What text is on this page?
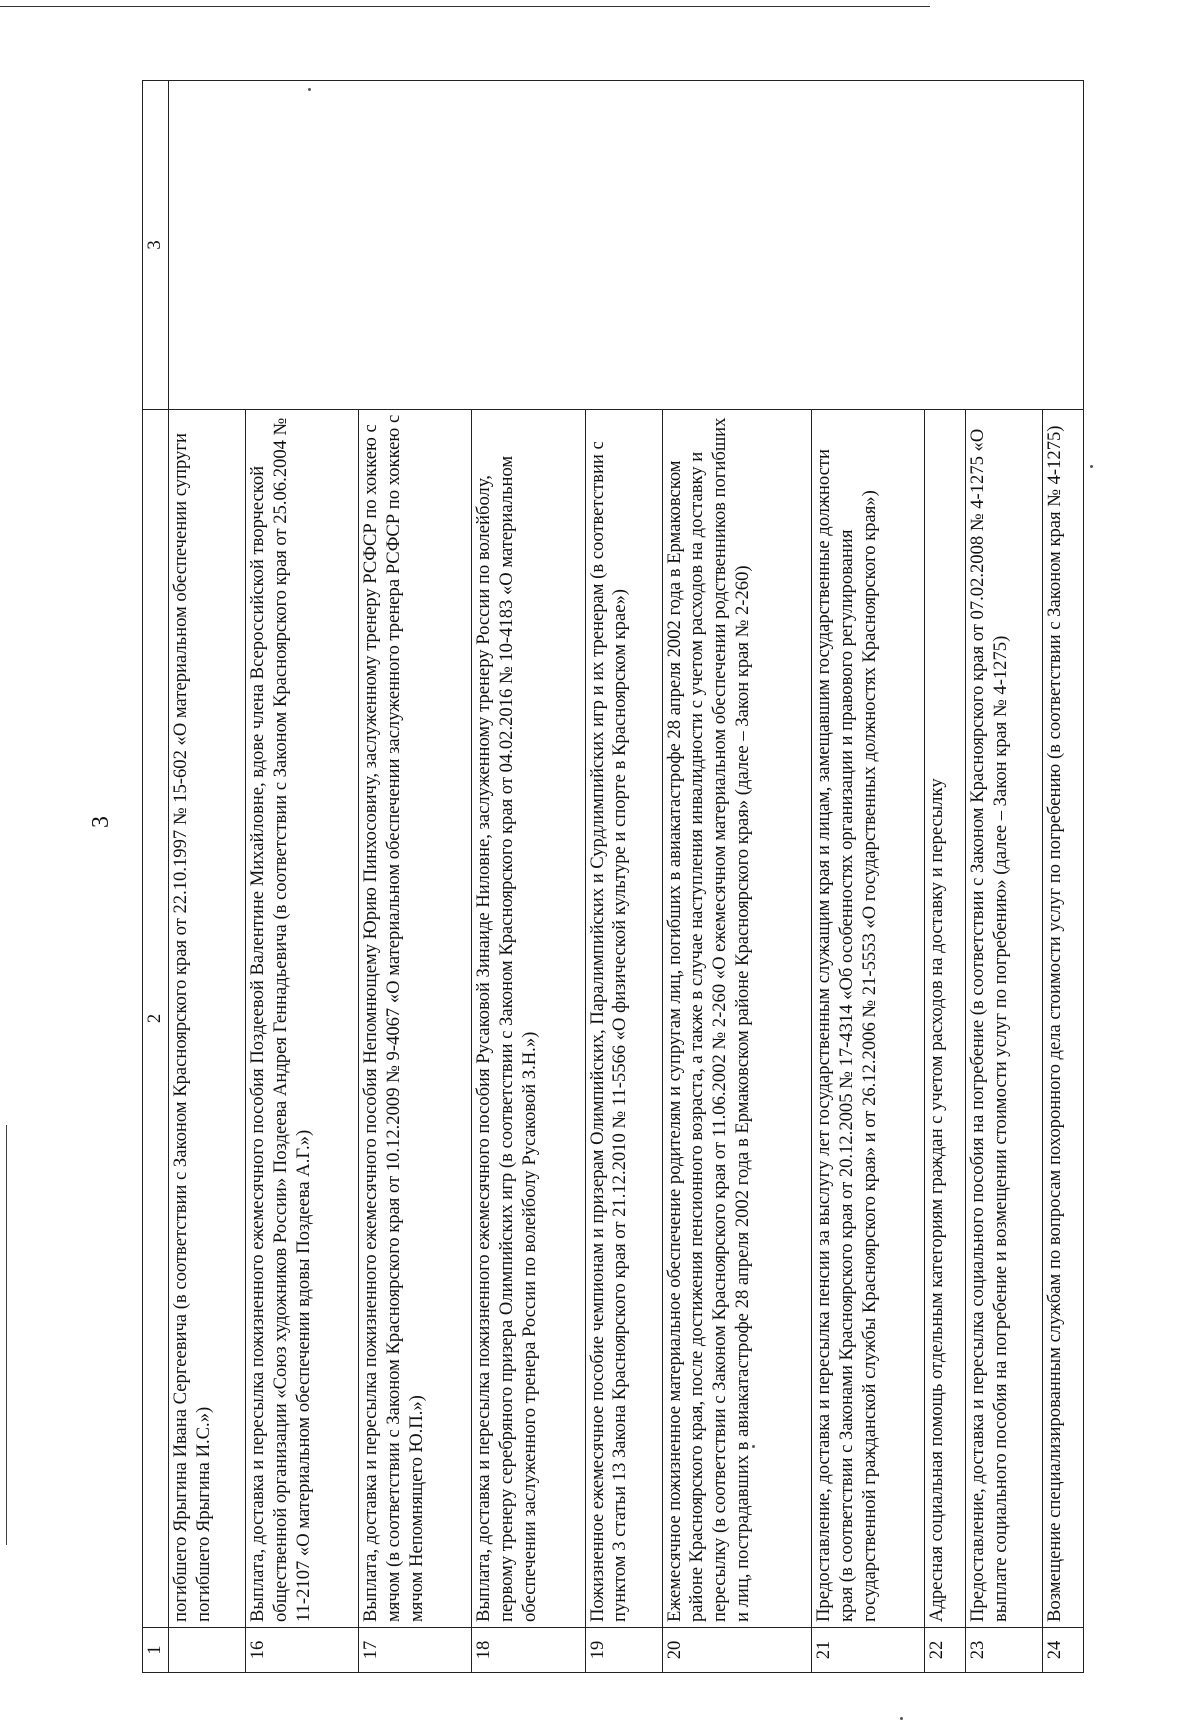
3
1	2	3
	погибшего Ярыгина Ивана Сергеевича (в соответствии с Законом Красноярского края от 22.10.1997 № 15-602 «О материальном обеспечении супруги погибшего Ярыгина И.С.»)	
16	Выплата, доставка и пересылка пожизненного ежемесячного пособия Поздеевой Валентине Михайловне, вдове члена Всероссийской творческой общественной организации «Союз художников России» Поздеева Андрея Геннадьевича (в соответствии с Законом Красноярского края от 25.06.2004 № 11-2107 «О материальном обеспечении вдовы Поздеева А.Г.»)	
17	Выплата, доставка и пересылка пожизненного ежемесячного пособия Непомнющему Юрию Пинхосовичу, заслуженному тренеру РСФСР по хоккею с мячом (в соответствии с Законом Красноярского края от 10.12.2009 № 9-4067 «О материальном обеспечении заслуженного тренера РСФСР по хоккею с мячом Непомнящего Ю.П.»)	
18	Выплата, доставка и пересылка пожизненного ежемесячного пособия Русаковой Зинаиде Ниловне, заслуженному тренеру России по волейболу, первому тренеру серебряного призера Олимпийских игр (в соответствии с Законом Красноярского края от 04.02.2016 № 10-4183 «О материальном обеспечении заслуженного тренера России по волейболу Русаковой З.Н.»)	
19	Пожизненное ежемесячное пособие чемпионам и призерам Олимпийских, Паралимпийских и Сурдлимпийских игр и их тренерам (в соответствии с пунктом 3 статьи 13 Закона Красноярского края от 21.12.2010 № 11-5566 «О физической культуре и спорте в Красноярском крае»)	
20	Ежемесячное пожизненное материальное обеспечение родителям и супругам лиц, погибших в авиакатастрофе 28 апреля 2002 года в Ермаковском районе Красноярского края, после достижения пенсионного возраста, а также в случае наступления инвалидности с учетом расходов на доставку и пересылку (в соответствии с Законом Красноярского края от 11.06.2002 № 2-260 «О ежемесячном материальном обеспечении родственников погибших и лиц, пострадавших в авиакатастрофе 28 апреля 2002 года в Ермаковском районе Красноярского края» (далее – Закон края № 2-260)	
21	Предоставление, доставка и пересылка пенсии за выслугу лет государственным служащим края и лицам, замещавшим государственные должности края (в соответствии с Законами Красноярского края от 20.12.2005 № 17-4314 «Об особенностях организации и правового регулирования государственной гражданской службы Красноярского края» и от 26.12.2006 № 21-5553 «О государственных должностях Красноярского края»)	
22	Адресная социальная помощь отдельным категориям граждан с учетом расходов на доставку и пересылку	
23	Предоставление, доставка и пересылка социального пособия на погребение (в соответствии с Законом Красноярского края от 07.02.2008 № 4-1275 «О выплате социального пособия на погребение и возмещении стоимости услуг по погребению» (далее – Закон края № 4-1275)	
24	Возмещение специализированным службам по вопросам похоронного дела стоимости услуг по погребению (в соответствии с Законом края № 4-1275)	
